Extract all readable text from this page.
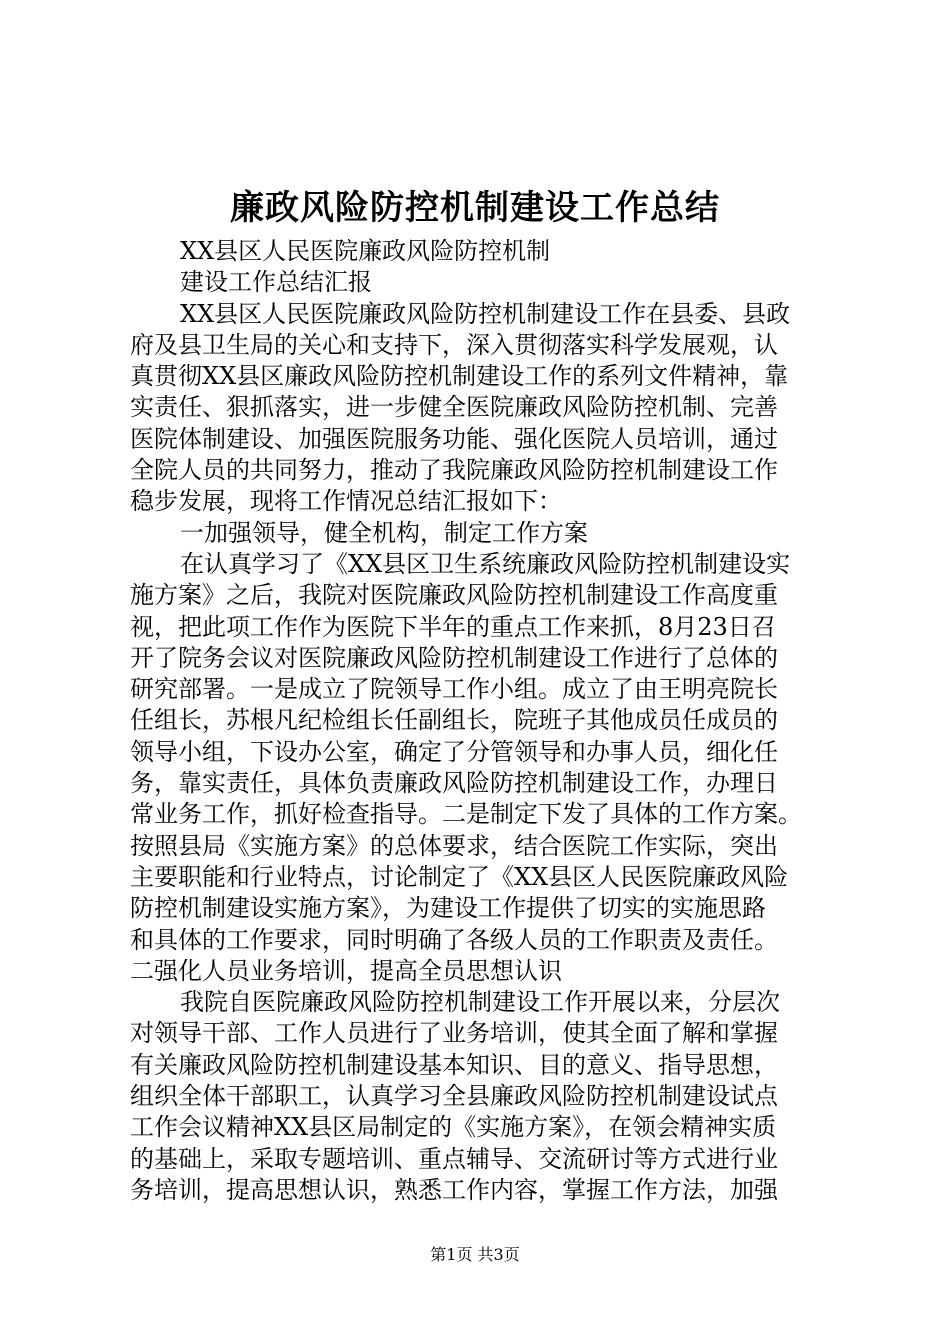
廉政风险防控机制建设工作总结
XX县区人民医院廉政风险防控机制
建设工作总结汇报
XX县区人民医院廉政风险防控机制建设工作在县委、县政
府及县卫生局的关心和支持下，深入贯彻落实科学发展观，认
真贯彻XX县区廉政风险防控机制建设工作的系列文件精神，靠
实责任、狠抓落实，进一步健全医院廉政风险防控机制、完善
医院体制建设、加强医院服务功能、强化医院人员培训，通过
全院人员的共同努力，推动了我院廉政风险防控机制建设工作
稳步发展，现将工作情况总结汇报如下：
一加强领导，健全机构，制定工作方案
在认真学习了《XX县区卫生系统廉政风险防控机制建设实
施方案》之后，我院对医院廉政风险防控机制建设工作高度重
视，把此项工作作为医院下半年的重点工作来抓，8月23日召
开了院务会议对医院廉政风险防控机制建设工作进行了总体的
研究部署。一是成立了院领导工作小组。成立了由王明亮院长
任组长，苏根凡纪检组长任副组长，院班子其他成员任成员的
领导小组，下设办公室，确定了分管领导和办事人员，细化任
务，靠实责任，具体负责廉政风险防控机制建设工作，办理日
常业务工作，抓好检查指导。二是制定下发了具体的工作方案。
按照县局《实施方案》的总体要求，结合医院工作实际，突出
主要职能和行业特点，讨论制定了《XX县区人民医院廉政风险
防控机制建设实施方案》，为建设工作提供了切实的实施思路
和具体的工作要求，同时明确了各级人员的工作职责及责任。
二强化人员业务培训，提高全员思想认识
我院自医院廉政风险防控机制建设工作开展以来，分层次
对领导干部、工作人员进行了业务培训，使其全面了解和掌握
有关廉政风险防控机制建设基本知识、目的意义、指导思想，
组织全体干部职工，认真学习全县廉政风险防控机制建设试点
工作会议精神XX县区局制定的《实施方案》，在领会精神实质
的基础上，采取专题培训、重点辅导、交流研讨等方式进行业
务培训，提高思想认识，熟悉工作内容，掌握工作方法，加强
第1页 共3页
